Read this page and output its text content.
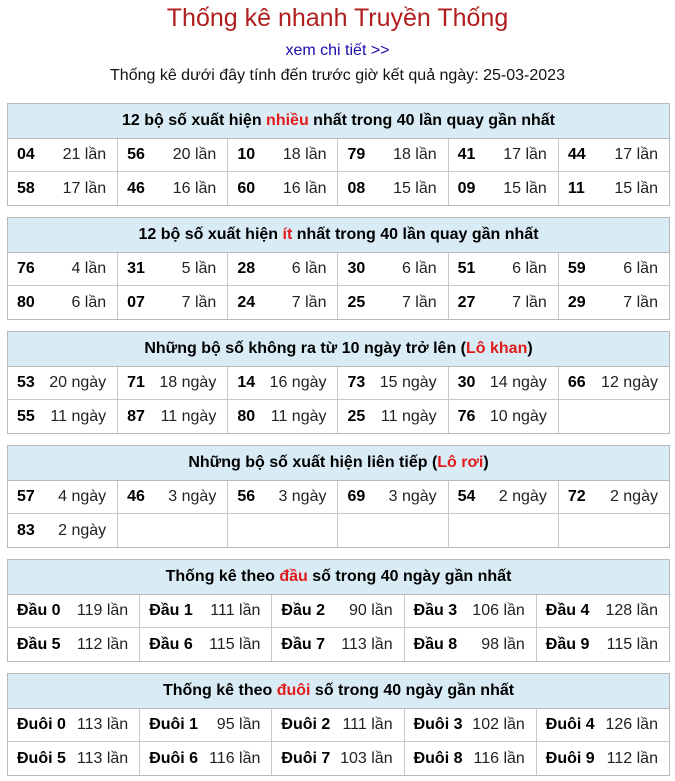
Thống kê nhanh Truyền Thống
xem chi tiết >>
Thống kê dưới đây tính đến trước giờ kết quả ngày: 25-03-2023
12 bộ số xuất hiện nhiều nhất trong 40 lần quay gần nhất
04 21 lần 56 20 lần 10 18 lần 79 18 lần 41 17 lần 44 17 lần
58 17 lần 46 16 lần 60 16 lần 08 15 lần 09 15 lần 11 15 lần
12 bộ số xuất hiện ít nhất trong 40 lần quay gần nhất
76 4 lần 31 5 lần 28 6 lần 30 6 lần 51 6 lần 59 6 lần
80 6 lần 07 7 lần 24 7 lần 25 7 lần 27 7 lần 29 7 lần
Những bộ số không ra từ 10 ngày trở lên (Lô khan)
53 20 ngày 71 18 ngày 14 16 ngày 73 15 ngày 30 14 ngày 66 12 ngày
55 11 ngày 87 11 ngày 80 11 ngày 25 11 ngày 76 10 ngày
Những bộ số xuất hiện liên tiếp (Lô rơi)
57 4 ngày 46 3 ngày 56 3 ngày 69 3 ngày 54 2 ngày 72 2 ngày
83 2 ngày
Thống kê theo đầu số trong 40 ngày gần nhất
Đầu 0 119 lần Đầu 1 111 lần Đầu 2 90 lần Đầu 3 106 lần Đầu 4 128 lần
Đầu 5 112 lần Đầu 6 115 lần Đầu 7 113 lần Đầu 8 98 lần Đầu 9 115 lần
Thống kê theo đuôi số trong 40 ngày gần nhất
Đuôi 0 113 lần Đuôi 1 95 lần Đuôi 2 111 lần Đuôi 3 102 lần Đuôi 4 126 lần
Đuôi 5 113 lần Đuôi 6 116 lần Đuôi 7 103 lần Đuôi 8 116 lần Đuôi 9 112 lần
